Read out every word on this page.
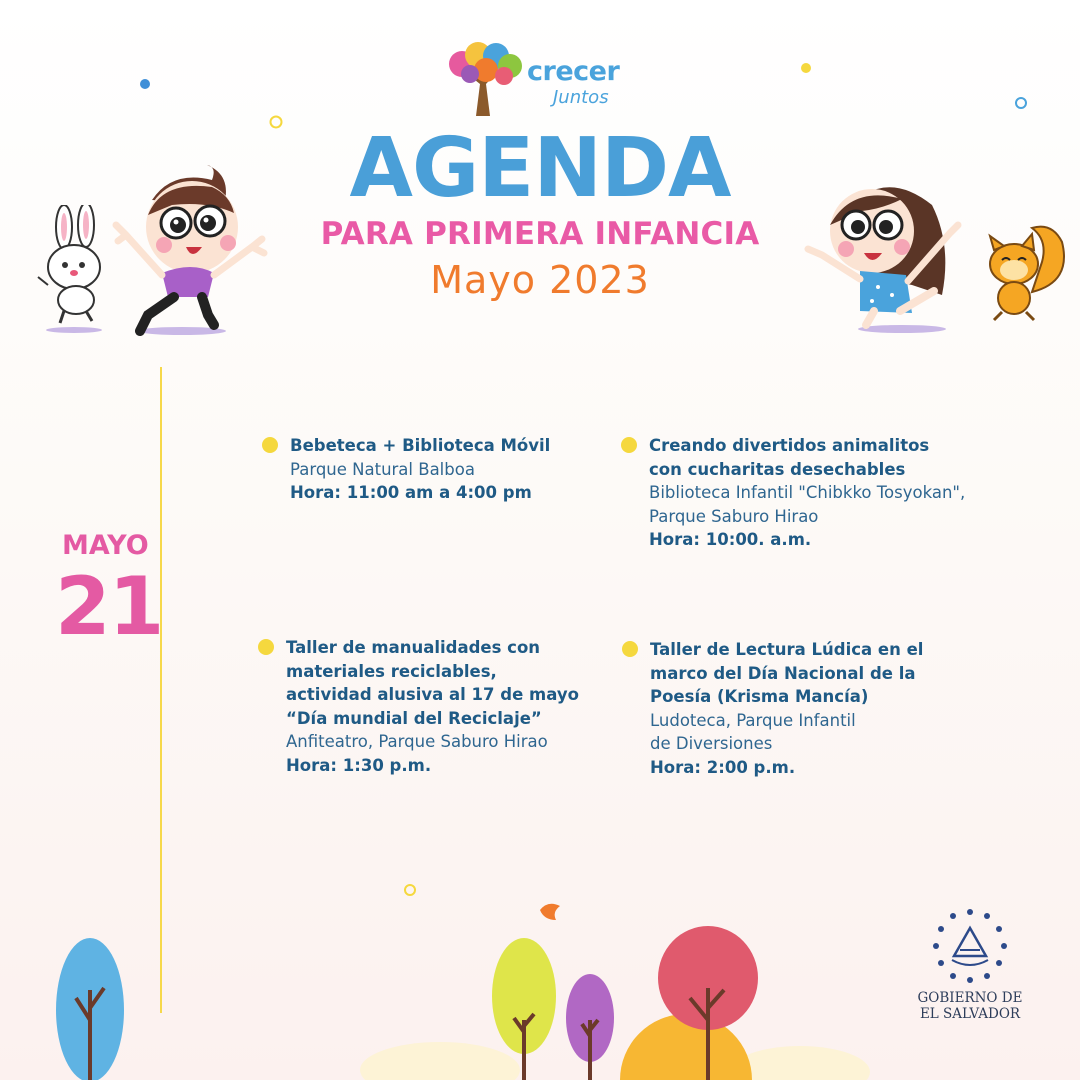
crecer
Juntos
AGENDA
PARA PRIMERA INFANCIA
Mayo 2023
MAYO
21
Bebeteca + Biblioteca Móvil
Parque Natural Balboa
Hora: 11:00 am a 4:00 pm
Creando divertidos animalitos
con cucharitas desechables
Biblioteca Infantil "Chibkko Tosyokan",
Parque Saburo Hirao
Hora: 10:00. a.m.
Taller de manualidades con
materiales reciclables,
actividad alusiva al 17 de mayo
“Día mundial del Reciclaje”
Anfiteatro, Parque Saburo Hirao
Hora: 1:30 p.m.
Taller de Lectura Lúdica en el
marco del Día Nacional de la
Poesía (Krisma Mancía)
Ludoteca, Parque Infantil
de Diversiones
Hora: 2:00 p.m.
GOBIERNO DE
EL SALVADOR
